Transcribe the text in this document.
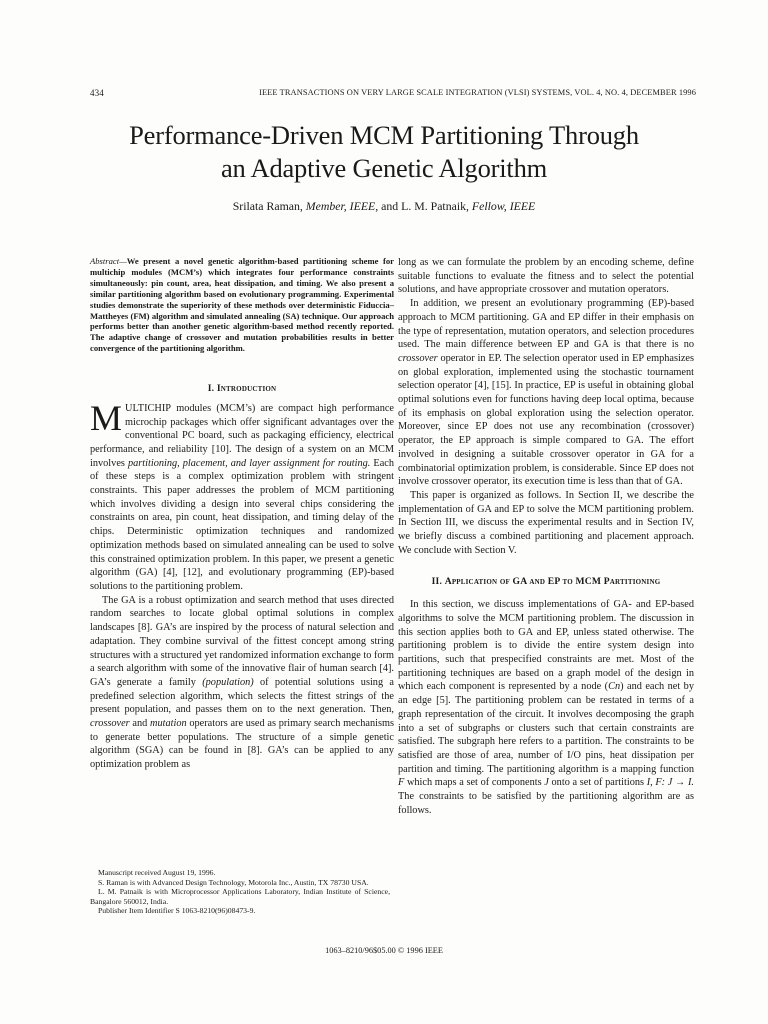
434	IEEE TRANSACTIONS ON VERY LARGE SCALE INTEGRATION (VLSI) SYSTEMS, VOL. 4, NO. 4, DECEMBER 1996
Performance-Driven MCM Partitioning Through
an Adaptive Genetic Algorithm
Srilata Raman, Member, IEEE, and L. M. Patnaik, Fellow, IEEE
Abstract—We present a novel genetic algorithm-based partitioning scheme for multichip modules (MCM’s) which integrates four performance constraints simultaneously: pin count, area, heat dissipation, and timing. We also present a similar partitioning algorithm based on evolutionary programming. Experimental studies demonstrate the superiority of these methods over deterministic Fiduccia–Mattheyes (FM) algorithm and simulated annealing (SA) technique. Our approach performs better than another genetic algorithm-based method recently reported. The adaptive change of crossover and mutation probabilities results in better convergence of the partitioning algorithm.
I. Introduction

MULTICHIP modules (MCM’s) are compact high performance microchip packages which offer significant advantages over the conventional PC board, such as packaging efficiency, electrical performance, and reliability [10]. The design of a system on an MCM involves partitioning, placement, and layer assignment for routing. Each of these steps is a complex optimization problem with stringent constraints. This paper addresses the problem of MCM partitioning which involves dividing a design into several chips considering the constraints on area, pin count, heat dissipation, and timing delay of the chips. Deterministic optimization techniques and randomized optimization methods based on simulated annealing can be used to solve this constrained optimization problem. In this paper, we present a genetic algorithm (GA) [4], [12], and evolutionary programming (EP)-based solutions to the partitioning problem.

The GA is a robust optimization and search method that uses directed random searches to locate global optimal solutions in complex landscapes [8]. GA’s are inspired by the process of natural selection and adaptation. They combine survival of the fittest concept among string structures with a structured yet randomized information exchange to form a search algorithm with some of the innovative flair of human search [4]. GA’s generate a family (population) of potential solutions using a predefined selection algorithm, which selects the fittest strings of the present population, and passes them on to the next generation. Then, crossover and mutation operators are used as primary search mechanisms to generate better populations. The structure of a simple genetic algorithm (SGA) can be found in [8]. GA’s can be applied to any optimization problem as

Manuscript received August 19, 1996.

S. Raman is with Advanced Design Technology, Motorola Inc., Austin, TX 78730 USA.

L. M. Patnaik is with Microprocessor Applications Laboratory, Indian Institute of Science, Bangalore 560012, India.

Publisher Item Identifier S 1063-8210(96)08473-9.

long as we can formulate the problem by an encoding scheme, define suitable functions to evaluate the fitness and to select the potential solutions, and have appropriate crossover and mutation operators.

In addition, we present an evolutionary programming (EP)-based approach to MCM partitioning. GA and EP differ in their emphasis on the type of representation, mutation operators, and selection procedures used. The main difference between EP and GA is that there is no crossover operator in EP. The selection operator used in EP emphasizes on global exploration, implemented using the stochastic tournament selection operator [4], [15]. In practice, EP is useful in obtaining global optimal solutions even for functions having deep local optima, because of its emphasis on global exploration using the selection operator. Moreover, since EP does not use any recombination (crossover) operator, the EP approach is simple compared to GA. The effort involved in designing a suitable crossover operator in GA for a combinatorial optimization problem, is considerable. Since EP does not involve crossover operator, its execution time is less than that of GA.

This paper is organized as follows. In Section II, we describe the implementation of GA and EP to solve the MCM partitioning problem. In Section III, we discuss the experimental results and in Section IV, we briefly discuss a combined partitioning and placement approach. We conclude with Section V.

II. Application of GA and EP to MCM Partitioning

In this section, we discuss implementations of GA- and EP-based algorithms to solve the MCM partitioning problem. The discussion in this section applies both to GA and EP, unless stated otherwise. The partitioning problem is to divide the entire system design into partitions, such that prespecified constraints are met. Most of the partitioning techniques are based on a graph model of the design in which each component is represented by a node (Cn) and each net by an edge [5]. The partitioning problem can be restated in terms of a graph representation of the circuit. It involves decomposing the graph into a set of subgraphs or clusters such that certain constraints are satisfied. The subgraph here refers to a partition. The constraints to be satisfied are those of area, number of I/O pins, heat dissipation per partition and timing. The partitioning algorithm is a mapping function F which maps a set of components J onto a set of partitions I, F: J → I. The constraints to be satisfied by the partitioning algorithm are as follows.

1063–8210/96$05.00 © 1996 IEEE
